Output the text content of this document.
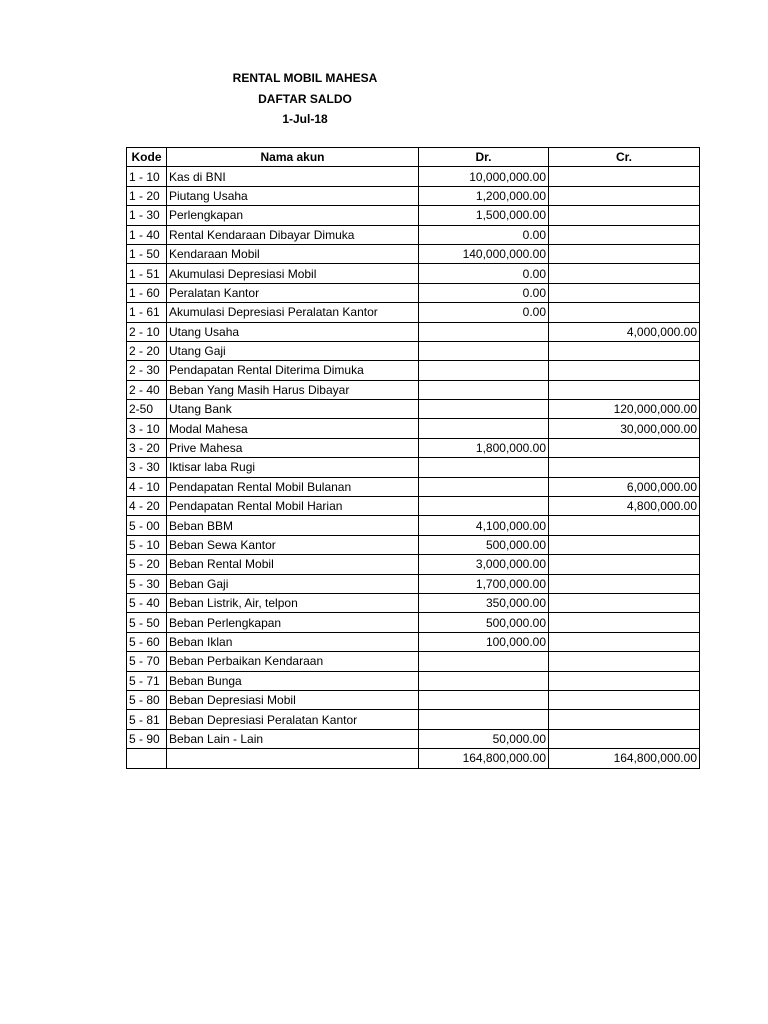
RENTAL MOBIL MAHESA
DAFTAR SALDO
1-Jul-18
Kode	Nama akun	Dr.	Cr.
1 - 10	Kas di BNI	10,000,000.00	
1 - 20	Piutang Usaha	1,200,000.00	
1 - 30	Perlengkapan	1,500,000.00	
1 - 40	Rental Kendaraan Dibayar Dimuka	0.00	
1 - 50	Kendaraan Mobil	140,000,000.00	
1 - 51	Akumulasi Depresiasi Mobil	0.00	
1 - 60	Peralatan Kantor	0.00	
1 - 61	Akumulasi Depresiasi Peralatan Kantor	0.00	
2 - 10	Utang Usaha		4,000,000.00
2 - 20	Utang Gaji		
2 - 30	Pendapatan Rental Diterima Dimuka		
2 - 40	Beban Yang Masih Harus Dibayar		
2-50	Utang Bank		120,000,000.00
3 - 10	Modal Mahesa		30,000,000.00
3 - 20	Prive Mahesa	1,800,000.00	
3 - 30	Iktisar laba Rugi		
4 - 10	Pendapatan Rental Mobil Bulanan		6,000,000.00
4 - 20	Pendapatan Rental Mobil Harian		4,800,000.00
5 - 00	Beban BBM	4,100,000.00	
5 - 10	Beban Sewa Kantor	500,000.00	
5 - 20	Beban Rental Mobil	3,000,000.00	
5 - 30	Beban Gaji	1,700,000.00	
5 - 40	Beban Listrik, Air, telpon	350,000.00	
5 - 50	Beban Perlengkapan	500,000.00	
5 - 60	Beban Iklan	100,000.00	
5 - 70	Beban Perbaikan Kendaraan		
5 - 71	Beban Bunga		
5 - 80	Beban Depresiasi Mobil		
5 - 81	Beban Depresiasi Peralatan Kantor		
5 - 90	Beban Lain - Lain	50,000.00	
		164,800,000.00	164,800,000.00
